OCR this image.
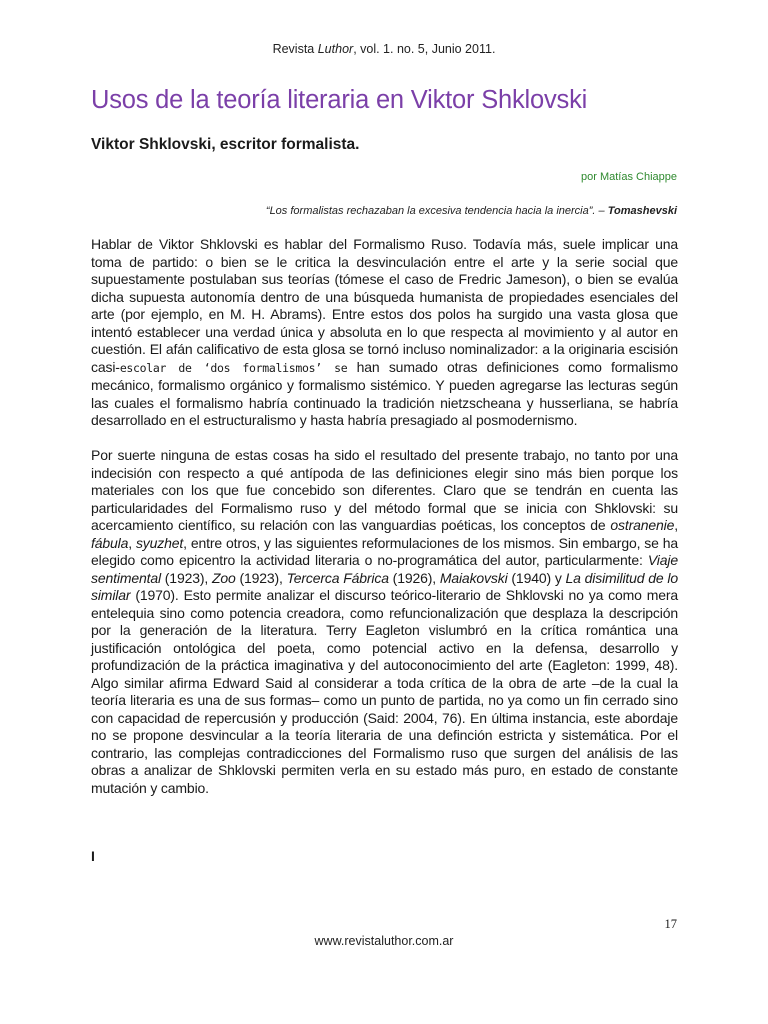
Revista Luthor, vol. 1. no. 5, Junio 2011.
Usos de la teoría literaria en Viktor Shklovski
Viktor Shklovski, escritor formalista.
por Matías Chiappe
“Los formalistas rechazaban la excesiva tendencia hacia la inercia”. – Tomashevski

Hablar de Viktor Shklovski es hablar del Formalismo Ruso. Todavía más, suele implicar una toma de partido: o bien se le critica la desvinculación entre el arte y la serie social que supuestamente postulaban sus teorías (tómese el caso de Fredric Jameson), o bien se evalúa dicha supuesta autonomía dentro de una búsqueda humanista de propiedades esenciales del arte (por ejemplo, en M. H. Abrams). Entre estos dos polos ha surgido una vasta glosa que intentó establecer una verdad única y absoluta en lo que respecta al movimiento y al autor en cuestión. El afán calificativo de esta glosa se tornó incluso nominalizador: a la originaria escisión casi-escolar de ‘dos formalismos’ se han sumado otras definiciones como formalismo mecánico, formalismo orgánico y formalismo sistémico. Y pueden agregarse las lecturas según las cuales el formalismo habría continuado la tradición nietzscheana y husserliana, se habría desarrollado en el estructuralismo y hasta habría presagiado al posmodernismo.

Por suerte ninguna de estas cosas ha sido el resultado del presente trabajo, no tanto por una indecisión con respecto a qué antípoda de las definiciones elegir sino más bien porque los materiales con los que fue concebido son diferentes. Claro que se tendrán en cuenta las particularidades del Formalismo ruso y del método formal que se inicia con Shklovski: su acercamiento científico, su relación con las vanguardias poéticas, los conceptos de ostranenie, fábula, syuzhet, entre otros, y las siguientes reformulaciones de los mismos. Sin embargo, se ha elegido como epicentro la actividad literaria o no-programática del autor, particularmente: Viaje sentimental (1923), Zoo (1923), Tercerca Fábrica (1926), Maiakovski (1940) y La disimilitud de lo similar (1970). Esto permite analizar el discurso teórico-literario de Shklovski no ya como mera entelequia sino como potencia creadora, como refuncionalización que desplaza la descripción por la generación de la literatura. Terry Eagleton vislumbró en la crítica romántica una justificación ontológica del poeta, como potencial activo en la defensa, desarrollo y profundización de la práctica imaginativa y del autoconocimiento del arte (Eagleton: 1999, 48). Algo similar afirma Edward Said al considerar a toda crítica de la obra de arte –de la cual la teoría literaria es una de sus formas– como un punto de partida, no ya como un fin cerrado sino con capacidad de repercusión y producción (Said: 2004, 76). En última instancia, este abordaje no se propone desvincular a la teoría literaria de una definción estricta y sistemática. Por el contrario, las complejas contradicciones del Formalismo ruso que surgen del análisis de las obras a analizar de Shklovski permiten verla en su estado más puro, en estado de constante mutación y cambio.

I
17
www.revistaluthor.com.ar
